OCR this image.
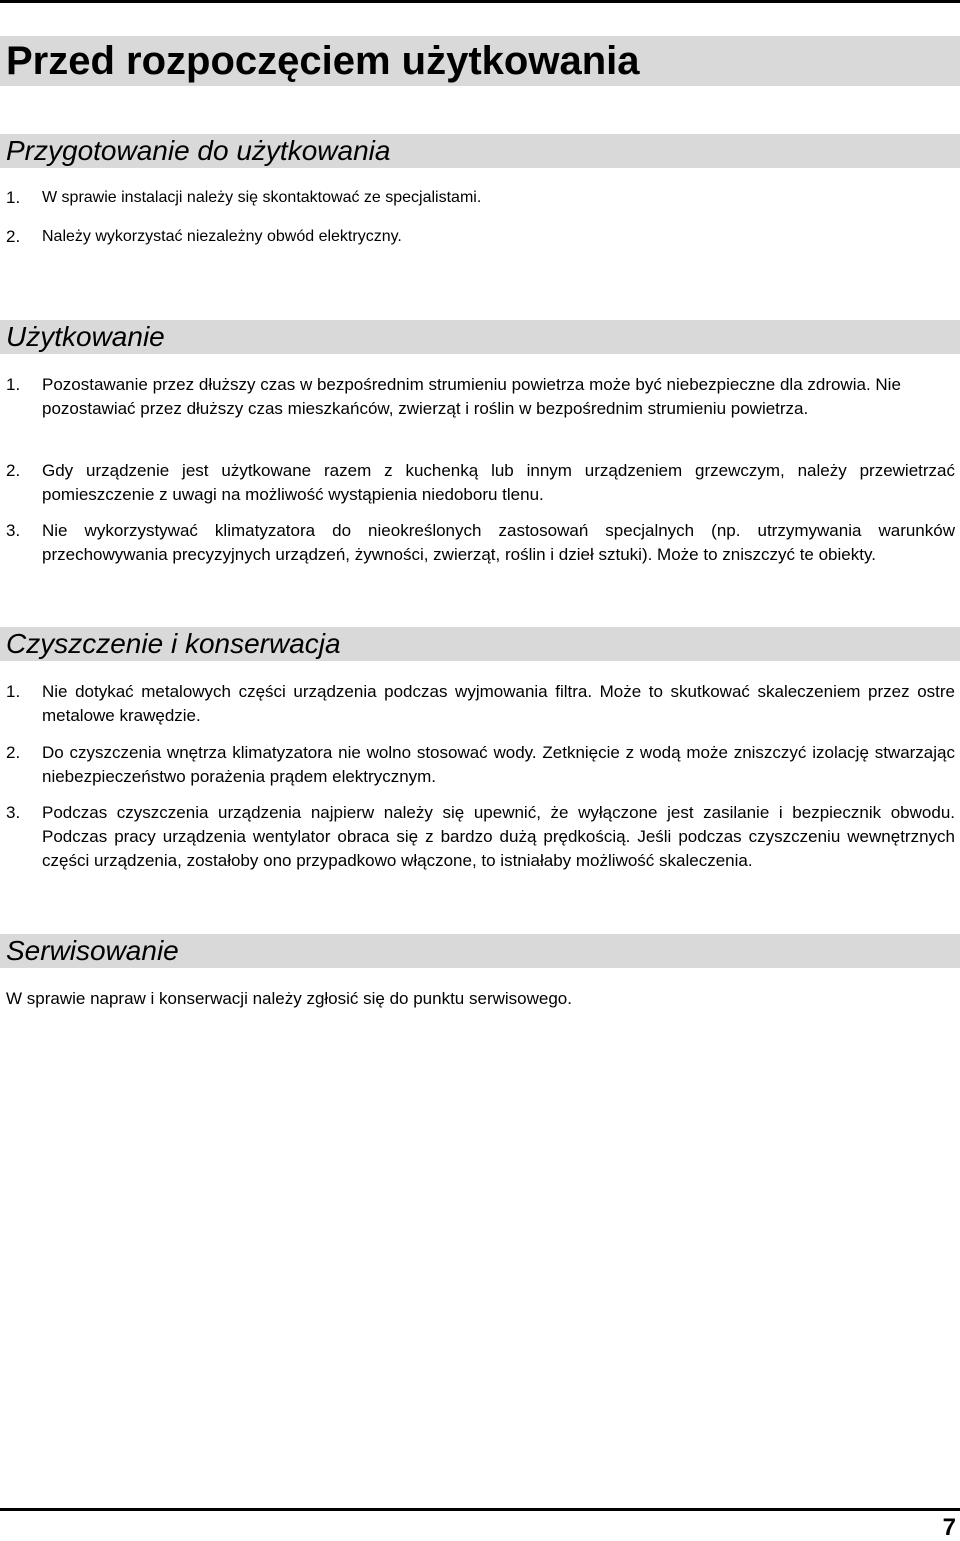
Przed rozpoczęciem użytkowania
Przygotowanie do użytkowania
1. W sprawie instalacji należy się skontaktować ze specjalistami.
2. Należy wykorzystać niezależny obwód elektryczny.
Użytkowanie
1. Pozostawanie przez dłuższy czas w bezpośrednim strumieniu powietrza może być niebezpieczne dla zdrowia. Nie pozostawiać przez dłuższy czas mieszkańców, zwierząt i roślin w bezpośrednim strumieniu powietrza.
2. Gdy urządzenie jest użytkowane razem z kuchenką lub innym urządzeniem grzewczym, należy przewietrzać pomieszczenie z uwagi na możliwość wystąpienia niedoboru tlenu.
3. Nie wykorzystywać klimatyzatora do nieokreślonych zastosowań specjalnych (np. utrzymywania warunków przechowywania precyzyjnych urządzeń, żywności, zwierząt, roślin i dzieł sztuki). Może to zniszczyć te obiekty.
Czyszczenie i konserwacja
1. Nie dotykać metalowych części urządzenia podczas wyjmowania filtra. Może to skutkować skaleczeniem przez ostre metalowe krawędzie.
2. Do czyszczenia wnętrza klimatyzatora nie wolno stosować wody. Zetknięcie z wodą może zniszczyć izolację stwarzając niebezpieczeństwo porażenia prądem elektrycznym.
3. Podczas czyszczenia urządzenia najpierw należy się upewnić, że wyłączone jest zasilanie i bezpiecznik obwodu. Podczas pracy urządzenia wentylator obraca się z bardzo dużą prędkością. Jeśli podczas czyszczeniu wewnętrznych części urządzenia, zostałoby ono przypadkowo włączone, to istniałaby możliwość skaleczenia.
Serwisowanie
W sprawie napraw i konserwacji należy zgłosić się do punktu serwisowego.
7
